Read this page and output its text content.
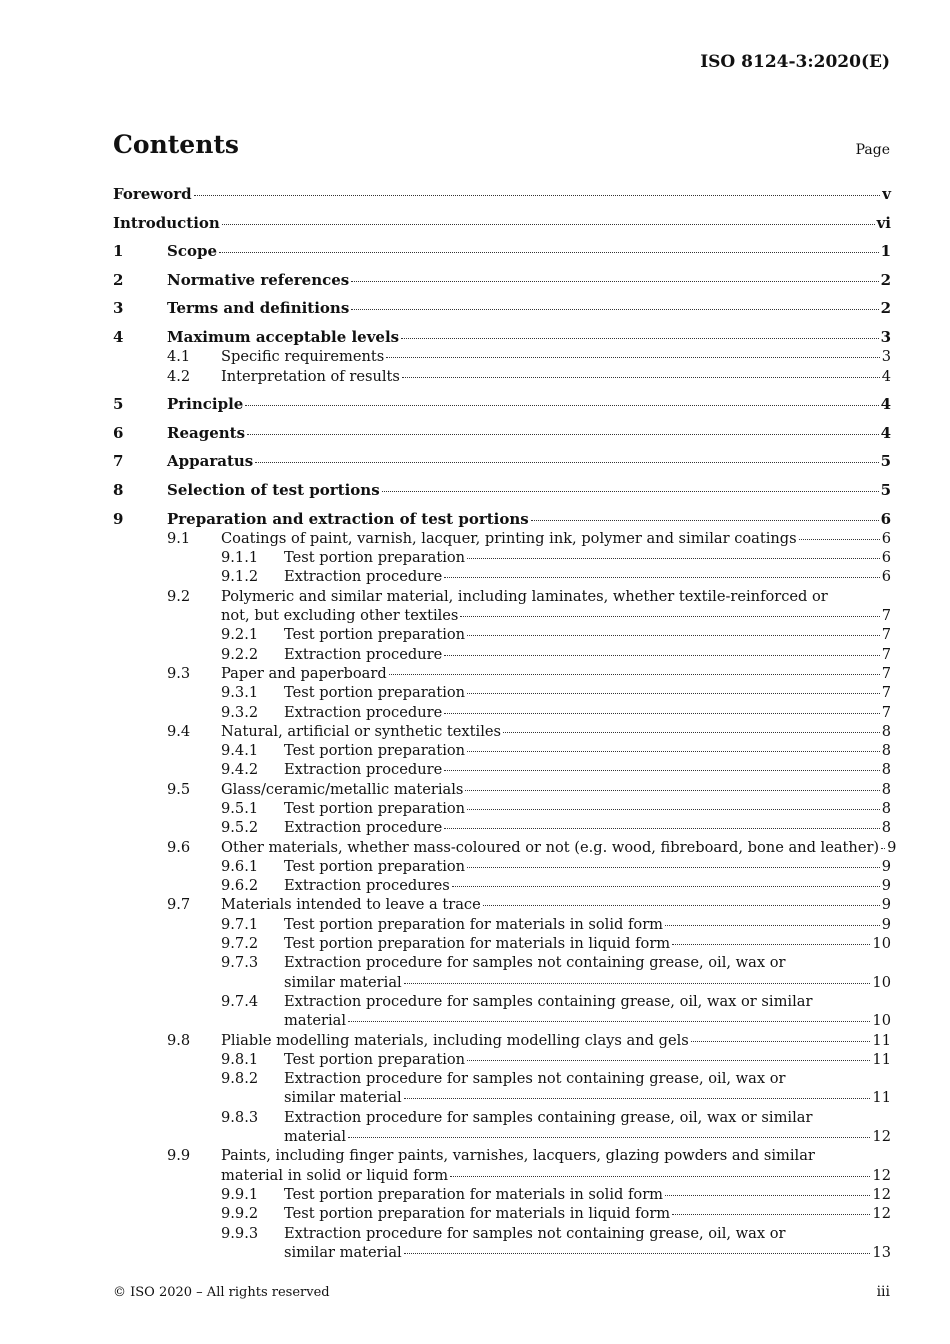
ISO 8124-3:2020(E)
Contents	Page
Foreword	v
Introduction	vi
1	Scope	1
2	Normative references	2
3	Terms and definitions	2
4	Maximum acceptable levels	3
4.1	Specific requirements	3
4.2	Interpretation of results	4
5	Principle	4
6	Reagents	4
7	Apparatus	5
8	Selection of test portions	5
9	Preparation and extraction of test portions	6
9.1	Coatings of paint, varnish, lacquer, printing ink, polymer and similar coatings	6
9.1.1	Test portion preparation	6
9.1.2	Extraction procedure	6
9.2	Polymeric and similar material, including laminates, whether textile-reinforced or
not, but excluding other textiles	7
9.2.1	Test portion preparation	7
9.2.2	Extraction procedure	7
9.3	Paper and paperboard	7
9.3.1	Test portion preparation	7
9.3.2	Extraction procedure	7
9.4	Natural, artificial or synthetic textiles	8
9.4.1	Test portion preparation	8
9.4.2	Extraction procedure	8
9.5	Glass/ceramic/metallic materials	8
9.5.1	Test portion preparation	8
9.5.2	Extraction procedure	8
9.6	Other materials, whether mass-coloured or not (e.g. wood, fibreboard, bone and leather) 9
9.6.1	Test portion preparation	9
9.6.2	Extraction procedures	9
9.7	Materials intended to leave a trace	9
9.7.1	Test portion preparation for materials in solid form	9
9.7.2	Test portion preparation for materials in liquid form	10
9.7.3	Extraction procedure for samples not containing grease, oil, wax or
similar material	10
9.7.4	Extraction procedure for samples containing grease, oil, wax or similar
material	10
9.8	Pliable modelling materials, including modelling clays and gels	11
9.8.1	Test portion preparation	11
9.8.2	Extraction procedure for samples not containing grease, oil, wax or
similar material	11
9.8.3	Extraction procedure for samples containing grease, oil, wax or similar
material	12
9.9	Paints, including finger paints, varnishes, lacquers, glazing powders and similar
material in solid or liquid form	12
9.9.1	Test portion preparation for materials in solid form	12
9.9.2	Test portion preparation for materials in liquid form	12
9.9.3	Extraction procedure for samples not containing grease, oil, wax or
similar material	13
© ISO 2020 – All rights reserved	iii
